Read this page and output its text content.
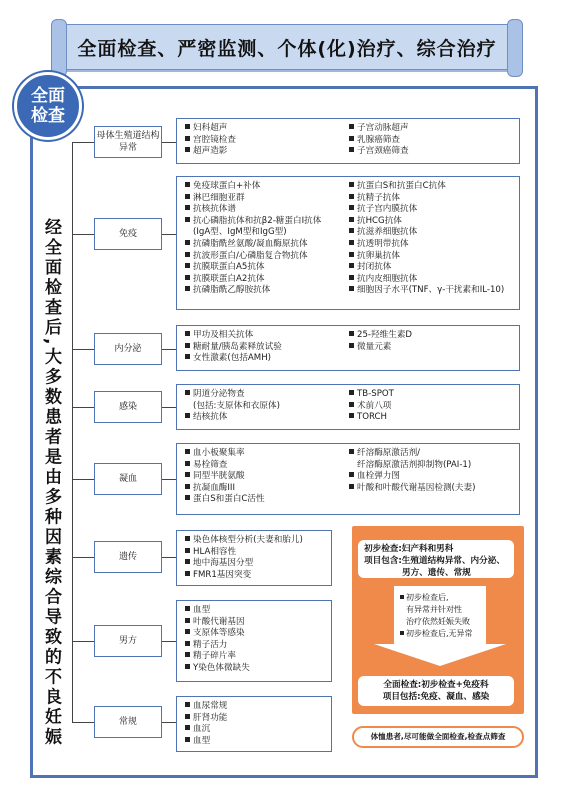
全面检查、严密监测、个体(化)治疗、综合治疗
全面检查
经全面检查后,大多数患者是由多种因素综合导致的不良妊娠
母体生殖道结构异常
妇科超声
宫腔镜检查
超声造影
子宫动脉超声
乳腺癌筛查
子宫颈癌筛查
免疫
免疫球蛋白+补体
淋巴细胞亚群
抗核抗体谱
抗心磷脂抗体和抗β2-糖蛋白I抗体
(IgA型、IgM型和IgG型)
抗磷脂酰丝氨酸/凝血酶原抗体
抗波形蛋白/心磷脂复合物抗体
抗膜联蛋白A5抗体
抗膜联蛋白A2抗体
抗磷脂酰乙醇胺抗体
抗蛋白S和抗蛋白C抗体
抗精子抗体
抗子宫内膜抗体
抗HCG抗体
抗滋养细胞抗体
抗透明带抗体
抗卵巢抗体
封闭抗体
抗内皮细胞抗体
细胞因子水平(TNF、γ-干扰素和IL-10)
内分泌
甲功及相关抗体
糖耐量/胰岛素释放试验
女性激素(包括AMH)
25-羟维生素D
微量元素
感染
阴道分泌物查
(包括:支原体和衣原体)
结核抗体
TB-SPOT
术前八项
TORCH
凝血
血小板聚集率
易栓筛查
同型半胱氨酸
抗凝血酶III
蛋白S和蛋白C活性
纤溶酶原激活剂/
纤溶酶原激活剂抑制物(PAI-1)
血栓弹力图
叶酸和叶酸代谢基因检测(夫妻)
遗传
染色体核型分析(夫妻和胎儿)
HLA相容性
地中海基因分型
FMR1基因突变
男方
血型
叶酸代谢基因
支原体等感染
精子活力
精子碎片率
Y染色体微缺失
常规
血尿常规
肝肾功能
血沉
血型
初步检查:妇产科和男科
项目包含:生殖道结构异常、内分泌、
男方、遗传、常规
初步检查后,
有异常并针对性
治疗依然妊娠失败
初步检查后,无异常
全面检查:初步检查+免疫科
项目包括:免疫、凝血、感染
体恤患者,尽可能做全面检查,检查点筛查
